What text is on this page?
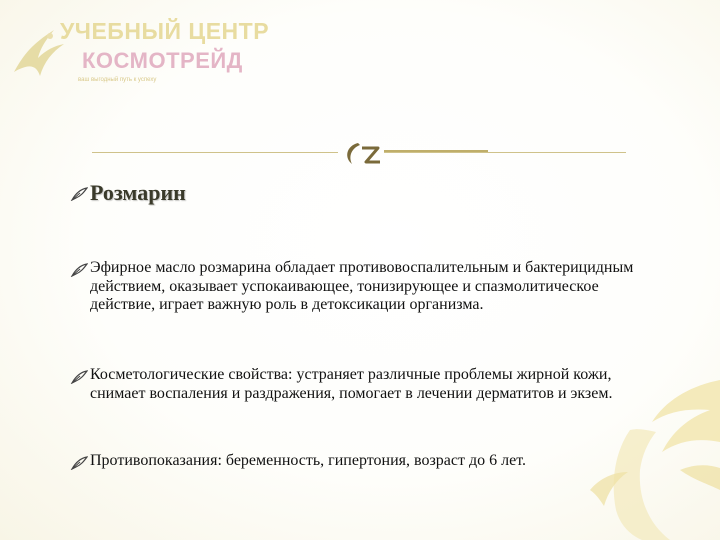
УЧЕБНЫЙ ЦЕНТР
КОСМОТРЕЙД
ваш выгодный путь к успеху
Розмарин
Эфирное масло розмарина обладает противовоспалительным и бактерицидным действием, оказывает успокаивающее, тонизирующее и спазмолитическое действие, играет важную роль в детоксикации организма.
Косметологические свойства: устраняет различные проблемы жирной кожи, снимает воспаления и раздражения, помогает в лечении дерматитов и экзем.
Противопоказания: беременность, гипертония, возраст до 6 лет.
